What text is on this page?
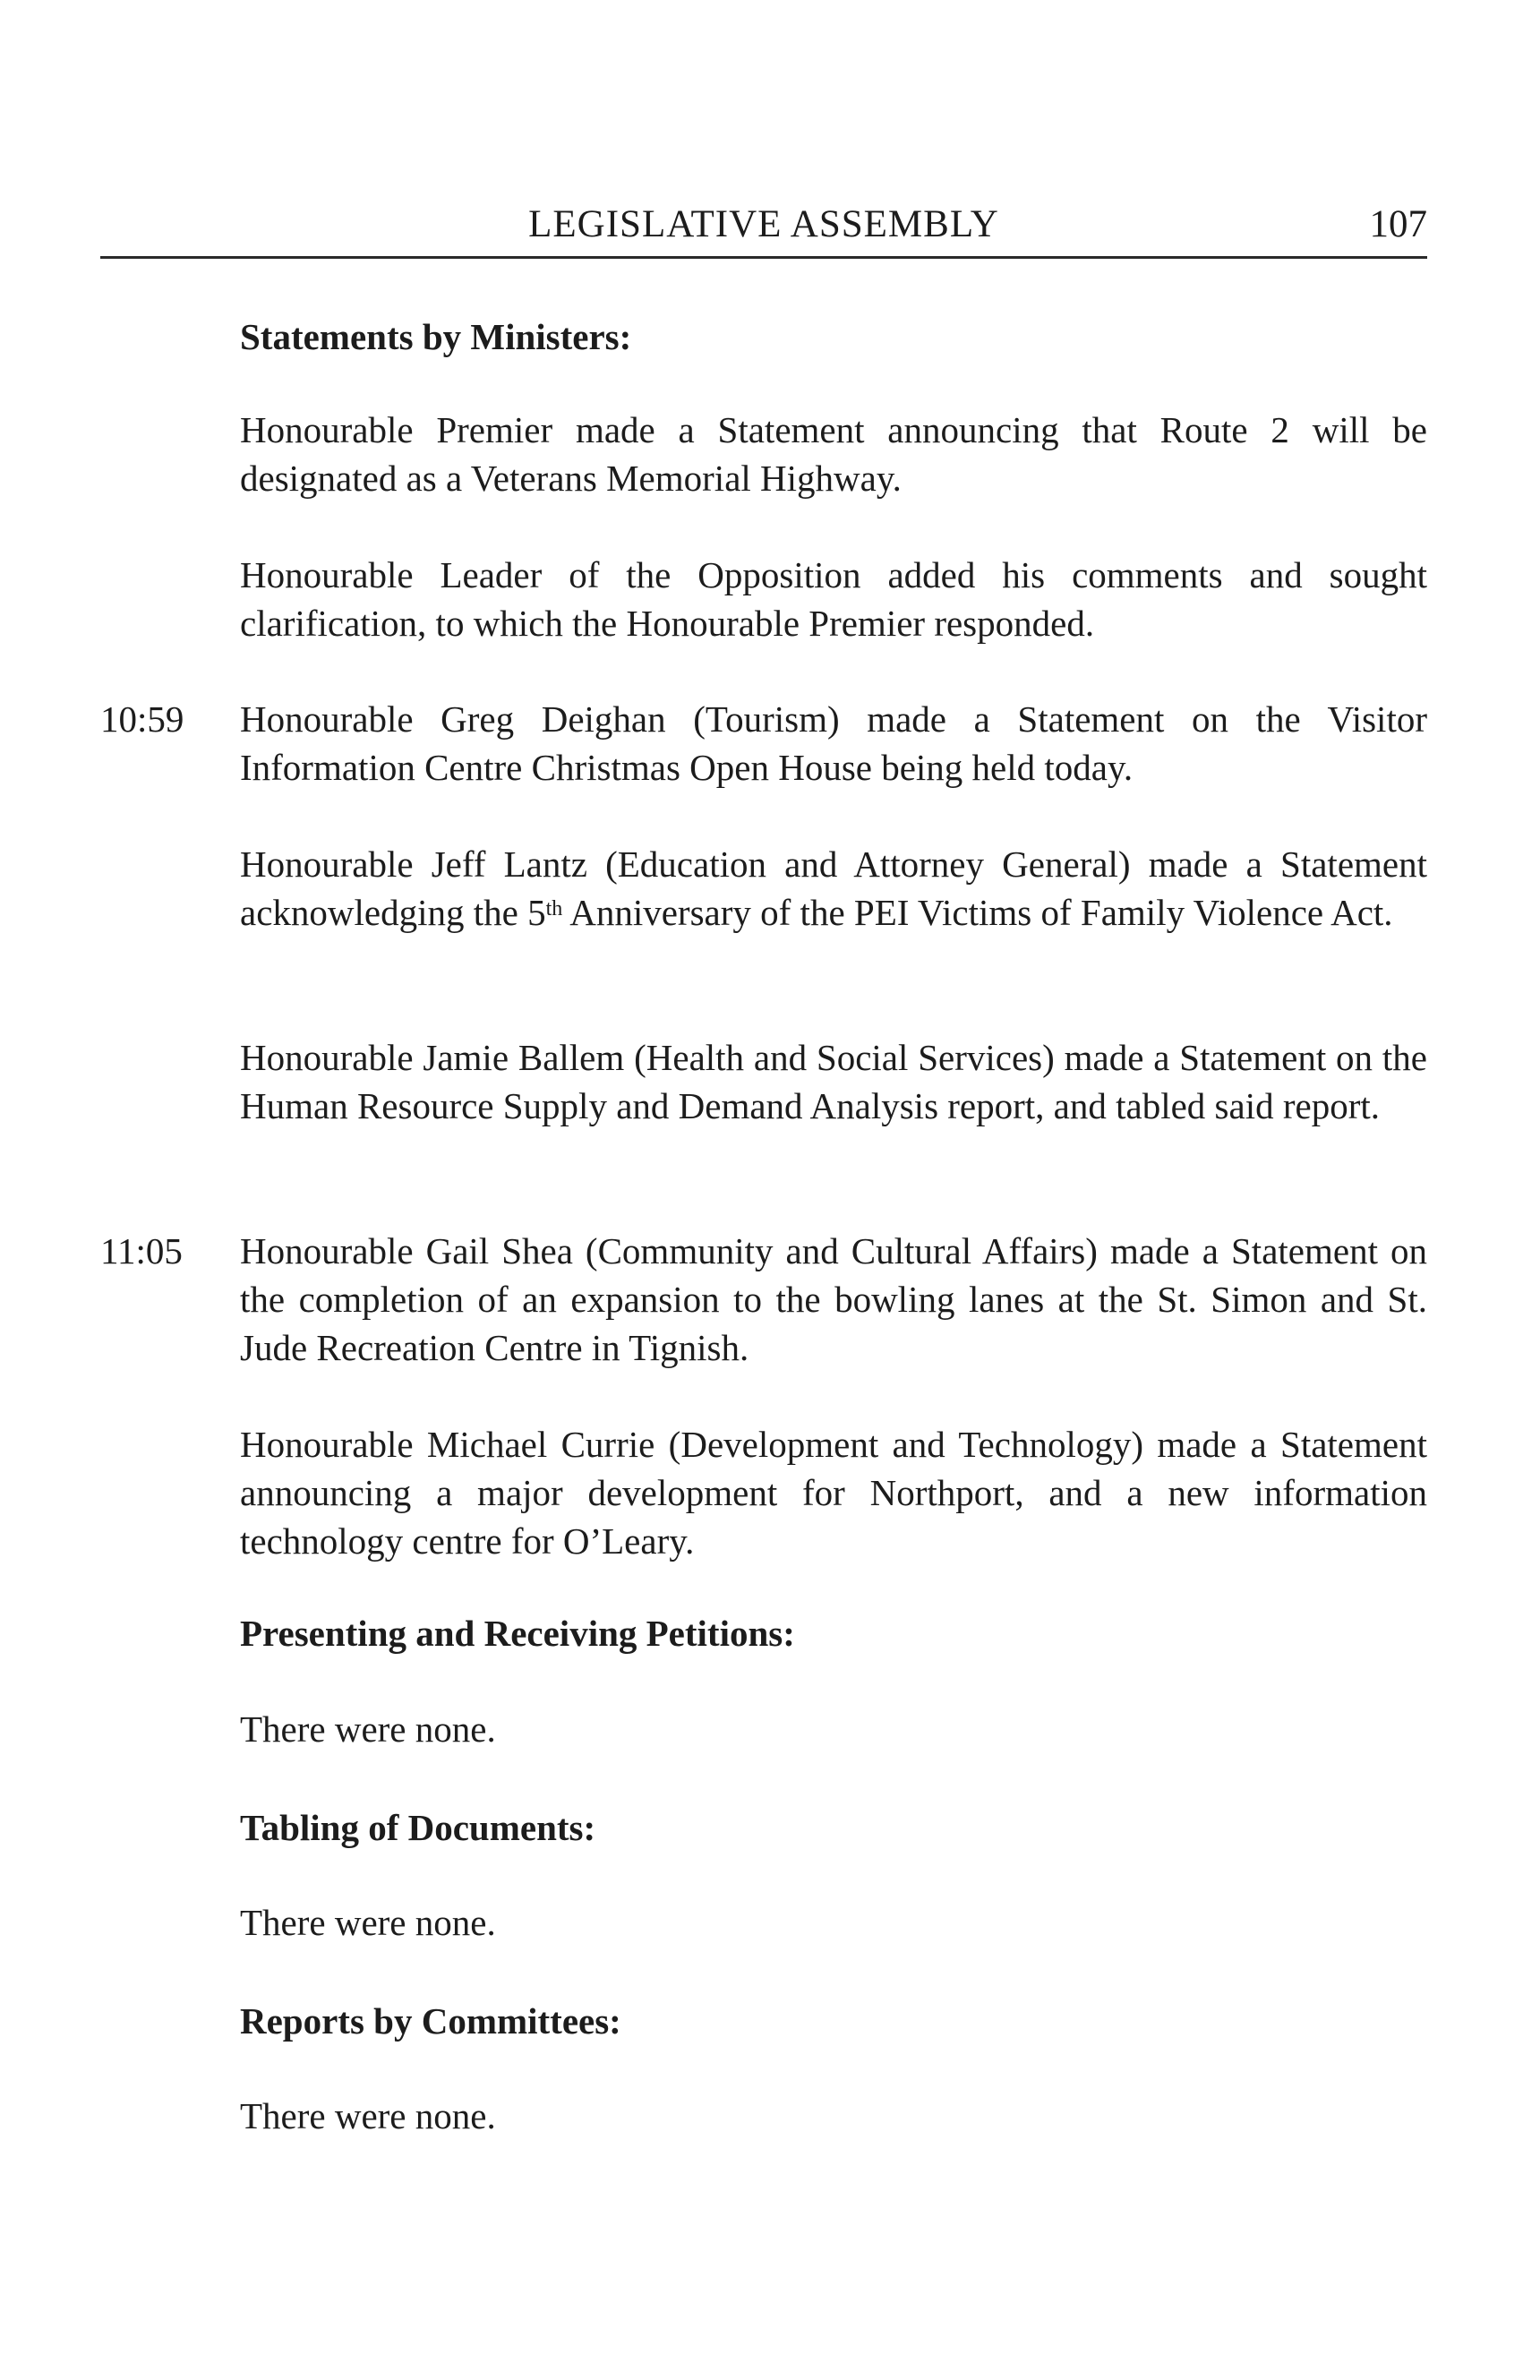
LEGISLATIVE ASSEMBLY	107
Statements by Ministers:

Honourable Premier made a Statement announcing that Route 2 will be designated as a Veterans Memorial Highway.

Honourable Leader of the Opposition added his comments and sought clarification, to which the Honourable Premier responded.

10:59 Honourable Greg Deighan (Tourism) made a Statement on the Visitor Information Centre Christmas Open House being held today.

Honourable Jeff Lantz (Education and Attorney General) made a Statement acknowledging the 5th Anniversary of the PEI Victims of Family Violence Act.

Honourable Jamie Ballem (Health and Social Services) made a Statement on the Human Resource Supply and Demand Analysis report, and tabled said report.

11:05 Honourable Gail Shea (Community and Cultural Affairs) made a Statement on the completion of an expansion to the bowling lanes at the St. Simon and St. Jude Recreation Centre in Tignish.

Honourable Michael Currie (Development and Technology) made a Statement announcing a major development for Northport, and a new information technology centre for O’Leary.

Presenting and Receiving Petitions:

There were none.

Tabling of Documents:

There were none.

Reports by Committees:

There were none.
